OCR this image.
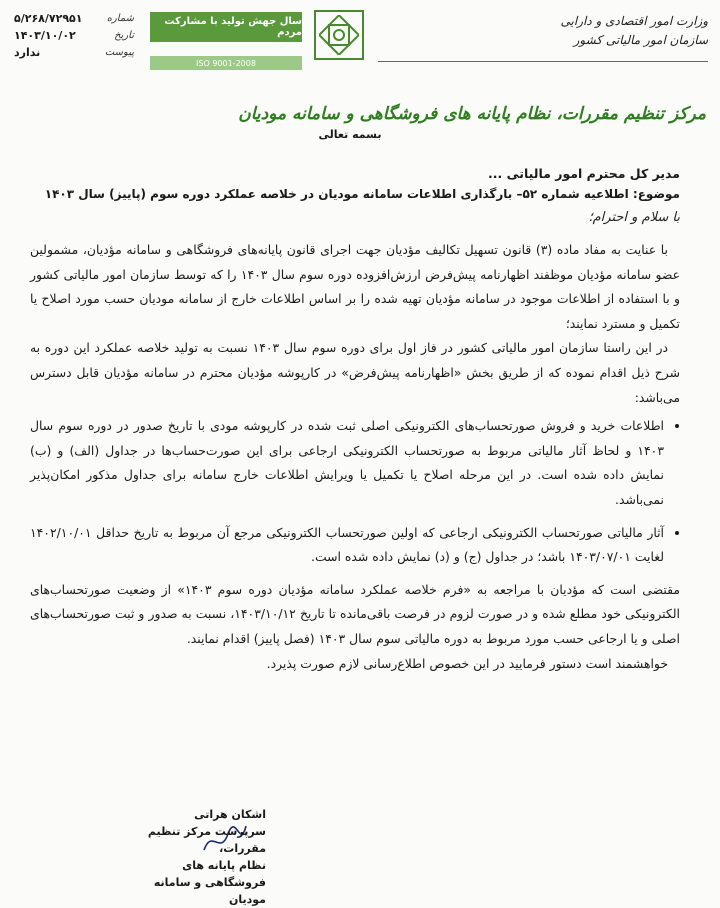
شماره
۵/۲۶۸/۷۲۹۵۱
تاریخ
۱۴۰۳/۱۰/۰۲
پیوست
ندارد
سال جهش تولید با مشارکت مردم
ISO 9001-2008
وزارت امور اقتصادی و دارایی
سازمان امور مالیاتی کشور
مرکز تنظیم مقررات، نظام پایانه های فروشگاهی و سامانه مودیان
بسمه تعالی
مدیر کل محترم امور مالیاتی ...
موضوع: اطلاعیه شماره ۵۲– بارگذاری اطلاعات سامانه مودیان در خلاصه عملکرد دوره سوم (پاییز) سال ۱۴۰۳
با سلام و احترام؛

با عنایت به مفاد ماده (۳) قانون تسهیل تکالیف مؤدیان جهت اجرای قانون پایانه‌های فروشگاهی و سامانه مؤدیان، مشمولین عضو سامانه مؤدیان موظفند اظهارنامه پیش‌فرض ارزش‌افزوده دوره سوم سال ۱۴۰۳ را که توسط سازمان امور مالیاتی کشور و با استفاده از اطلاعات موجود در سامانه مؤدیان تهیه شده را بر اساس اطلاعات خارج از سامانه مودیان حسب مورد اصلاح یا تکمیل و مسترد نمایند؛

در این راستا سازمان امور مالیاتی کشور در فاز اول برای دوره سوم سال ۱۴۰۳ نسبت به تولید خلاصه عملکرد این دوره به شرح ذیل اقدام نموده که از طریق بخش «اظهارنامه پیش‌فرض» در کارپوشه مؤدیان محترم در سامانه مؤدیان قابل دسترس می‌باشد:

• اطلاعات خرید و فروش صورتحساب‌های الکترونیکی اصلی ثبت شده در کارپوشه مودی با تاریخ صدور در دوره سوم سال ۱۴۰۳ و لحاظ آثار مالیاتی مربوط به صورتحساب الکترونیکی ارجاعی برای این صورت‌حساب‌ها در جداول (الف) و (ب) نمایش داده شده است. در این مرحله اصلاح یا تکمیل یا ویرایش اطلاعات خارج سامانه برای جداول مذکور امکان‌پذیر نمی‌باشد.
• آثار مالیاتی صورتحساب الکترونیکی ارجاعی که اولین صورتحساب الکترونیکی مرجع آن مربوط به تاریخ حداقل ۱۴۰۲/۱۰/۰۱ لغایت ۱۴۰۳/۰۷/۰۱ باشد؛ در جداول (ج) و (د) نمایش داده شده است.

مقتضی است که مؤدیان با مراجعه به «فرم خلاصه عملکرد سامانه مؤدیان دوره سوم ۱۴۰۳» از وضعیت صورتحساب‌های الکترونیکی خود مطلع شده و در صورت لزوم در فرصت باقی‌مانده تا تاریخ ۱۴۰۳/۱۰/۱۲، نسبت به صدور و ثبت صورتحساب‌های اصلی و یا ارجاعی حسب مورد مربوط به دوره مالیاتی سوم سال ۱۴۰۳ (فصل پاییز) اقدام نمایند.

خواهشمند است دستور فرمایید در این خصوص اطلاع‌رسانی لازم صورت پذیرد.

اشکان هراتی
سرپرست مرکز تنظیم مقررات،
نظام پایانه های فروشگاهی و سامانه مودیان
